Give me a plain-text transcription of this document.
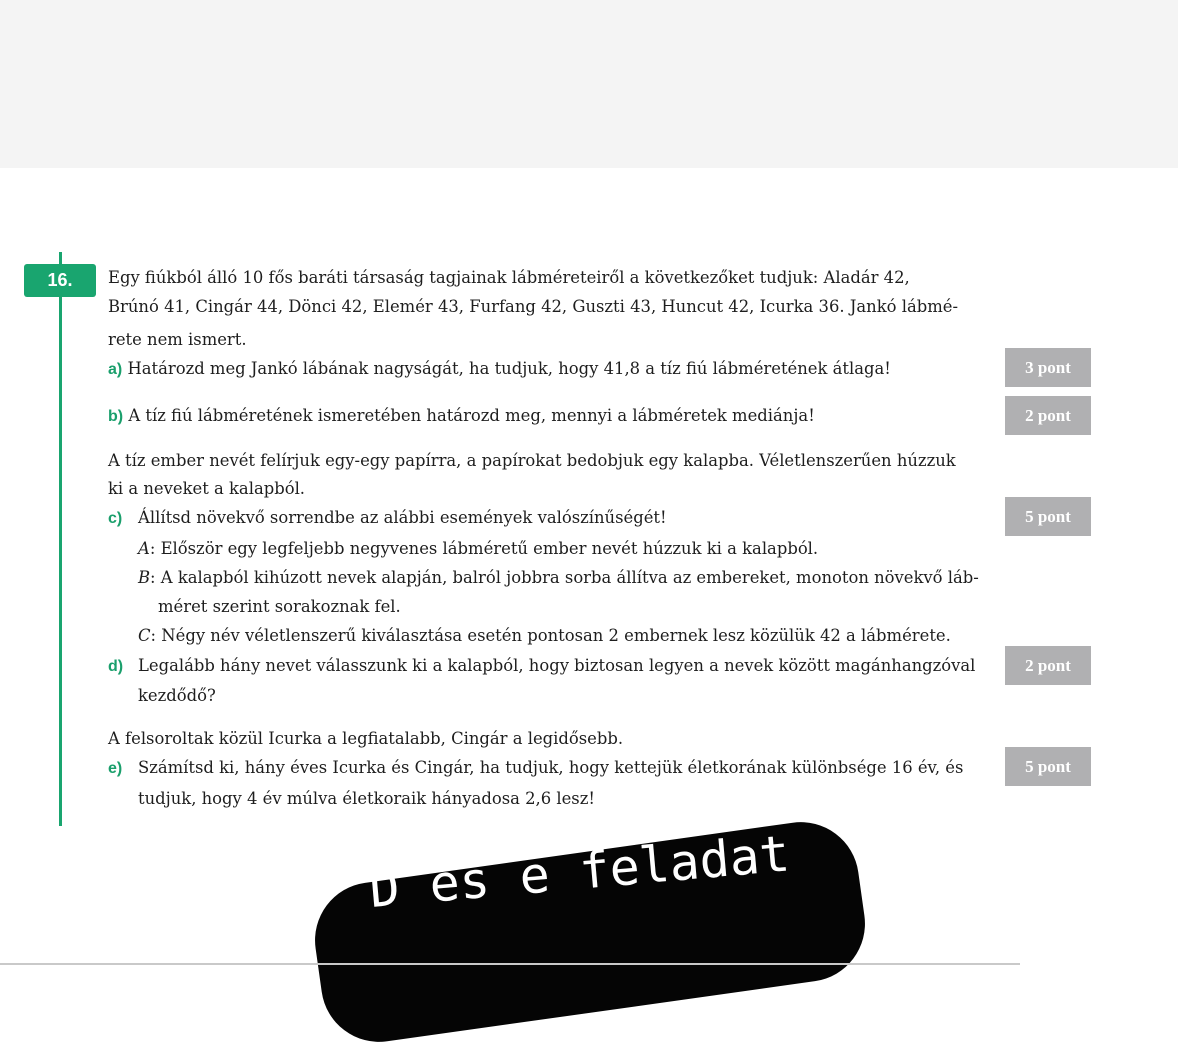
16.	Egy fiúkból álló 10 fős baráti társaság tagjainak lábméreteiről a következőket tudjuk: Aladár 42,
Brúnó 41, Cingár 44, Dönci 42, Elemér 43, Furfang 42, Guszti 43, Huncut 42, Icurka 36. Jankó lábmé-
rete nem ismert.
a) Határozd meg Jankó lábának nagyságát, ha tudjuk, hogy 41,8 a tíz fiú lábméretének átlaga!	3 pont
b) A tíz fiú lábméretének ismeretében határozd meg, mennyi a lábméretek mediánja!	2 pont
A tíz ember nevét felírjuk egy-egy papírra, a papírokat bedobjuk egy kalapba. Véletlenszerűen húzzuk
ki a neveket a kalapból.
c) Állítsd növekvő sorrendbe az alábbi események valószínűségét!	5 pont
A: Először egy legfeljebb negyvenes lábméretű ember nevét húzzuk ki a kalapból.
B: A kalapból kihúzott nevek alapján, balról jobbra sorba állítva az embereket, monoton növekvő láb-
méret szerint sorakoznak fel.
C: Négy név véletlenszerű kiválasztása esetén pontosan 2 embernek lesz közülük 42 a lábmérete.
d) Legalább hány nevet válasszunk ki a kalapból, hogy biztosan legyen a nevek között magánhangzóval
kezdődő?
2 pont
A felsoroltak közül Icurka a legfiatalabb, Cingár a legidősebb.
e) Számítsd ki, hány éves Icurka és Cingár, ha tudjuk, hogy kettejük életkorának különbsége 16 év, és
tudjuk, hogy 4 év múlva életkoraik hányadosa 2,6 lesz!
5 pont
D és e feladat
